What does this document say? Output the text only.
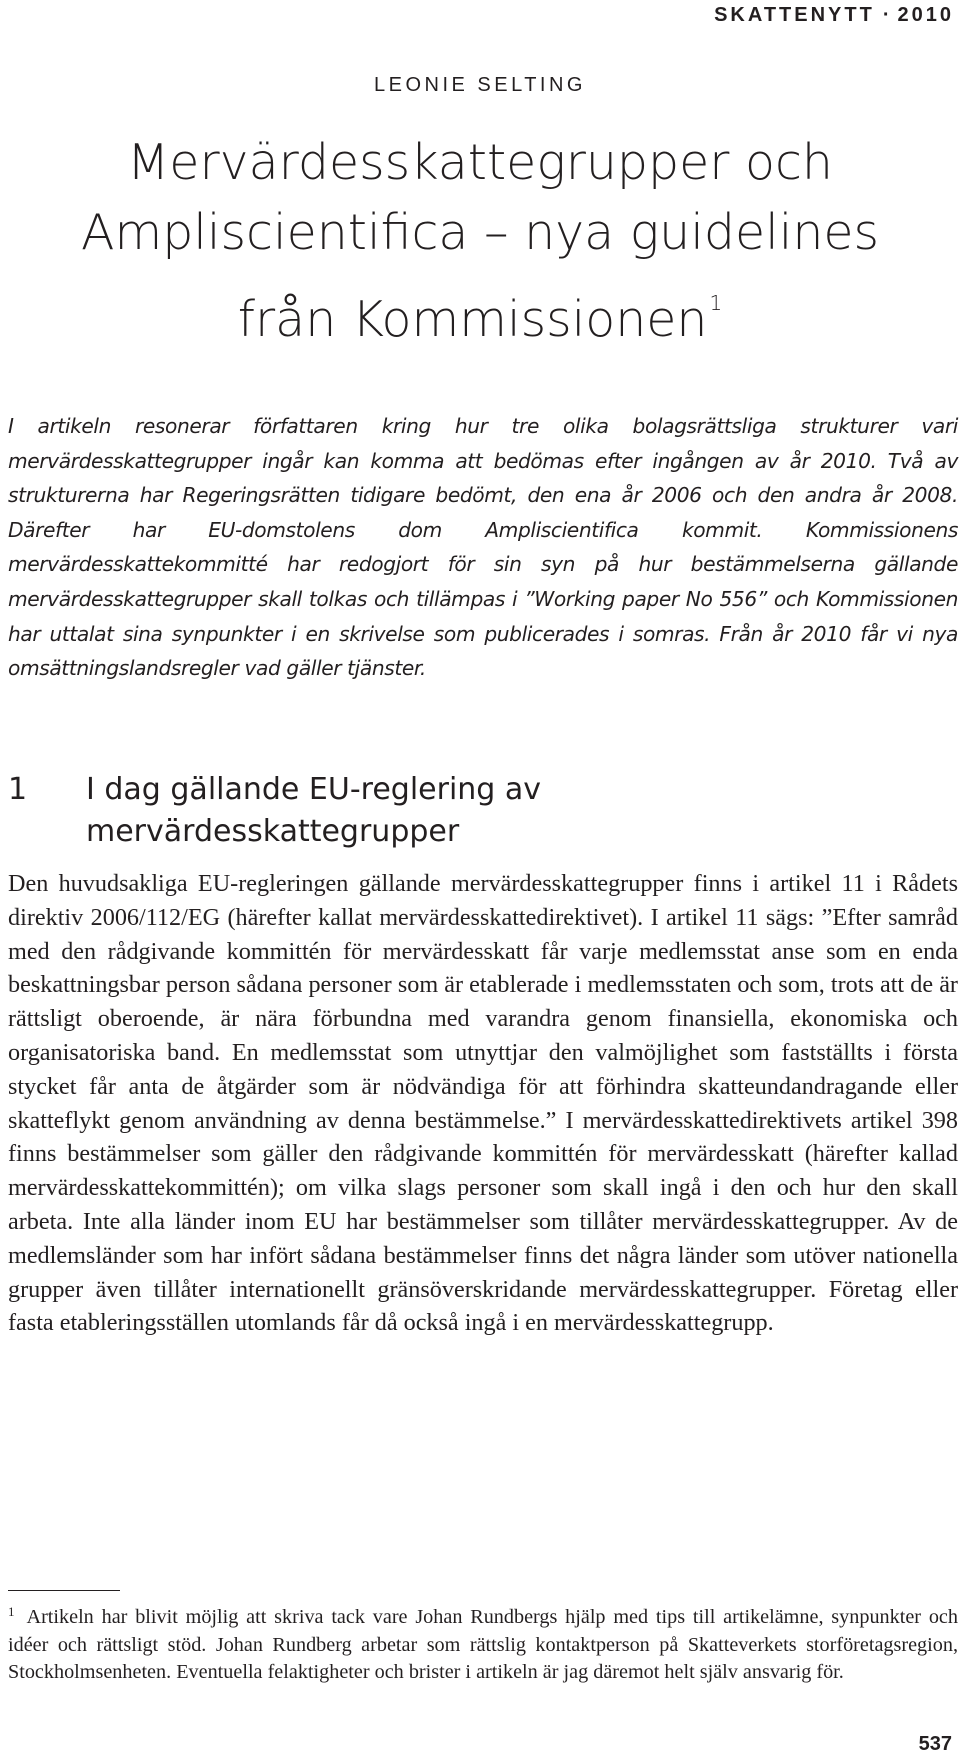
SKATTENYTT · 2010
LEONIE SELTING
Mervärdesskattegrupper och
Ampliscientifica – nya guidelines
från Kommissionen $^1$

I artikeln resonerar författaren kring hur tre olika bolagsrättsliga strukturer vari mervärdesskattegrupper ingår kan komma att bedömas efter ingången av år 2010. Två av strukturerna har Regeringsrätten tidigare bedömt, den ena år 2006 och den andra år 2008. Därefter har EU-domstolens dom Ampliscientifica kommit. Kommissionens mervärdesskattekommitté har redogjort för sin syn på hur bestämmelserna gällande mervärdesskattegrupper skall tolkas och tillämpas i ”Working paper No 556” och Kommissionen har uttalat sina synpunkter i en skrivelse som publicerades i somras. Från år 2010 får vi nya omsättningslandsregler vad gäller tjänster.

1 I dag gällande EU-reglering av mervärdesskattegrupper

Den huvudsakliga EU-regleringen gällande mervärdesskattegrupper finns i artikel 11 i Rådets direktiv 2006/112/EG (härefter kallat mervärdesskattedirektivet). I artikel 11 sägs: ”Efter samråd med den rådgivande kommittén för mervärdesskatt får varje medlemsstat anse som en enda beskattningsbar person sådana personer som är etablerade i medlemsstaten och som, trots att de är rättsligt oberoende, är nära förbundna med varandra genom finansiella, ekonomiska och organisatoriska band. En medlemsstat som utnyttjar den valmöjlighet som fastställts i första stycket får anta de åtgärder som är nödvändiga för att förhindra skatteundandragande eller skatteflykt genom användning av denna bestämmelse.” I mervärdesskattedirektivets artikel 398 finns bestämmelser som gäller den rådgivande kommittén för mervärdesskatt (härefter kallad mervärdesskattekommittén); om vilka slags personer som skall ingå i den och hur den skall arbeta. Inte alla länder inom EU har bestämmelser som tillåter mervärdesskattegrupper. Av de medlemsländer som har infört sådana bestämmelser finns det några länder som utöver nationella grupper även tillåter internationellt gränsöverskridande mervärdesskattegrupper. Företag eller fasta etableringsställen utomlands får då också ingå i en mervärdesskattegrupp.

$^1$ Artikeln har blivit möjlig att skriva tack vare Johan Rundbergs hjälp med tips till artikelämne, synpunkter och idéer och rättsligt stöd. Johan Rundberg arbetar som rättslig kontaktperson på Skatteverkets storföretagsregion, Stockholmsenheten. Eventuella felaktigheter och brister i artikeln är jag däremot helt själv ansvarig för.

537
